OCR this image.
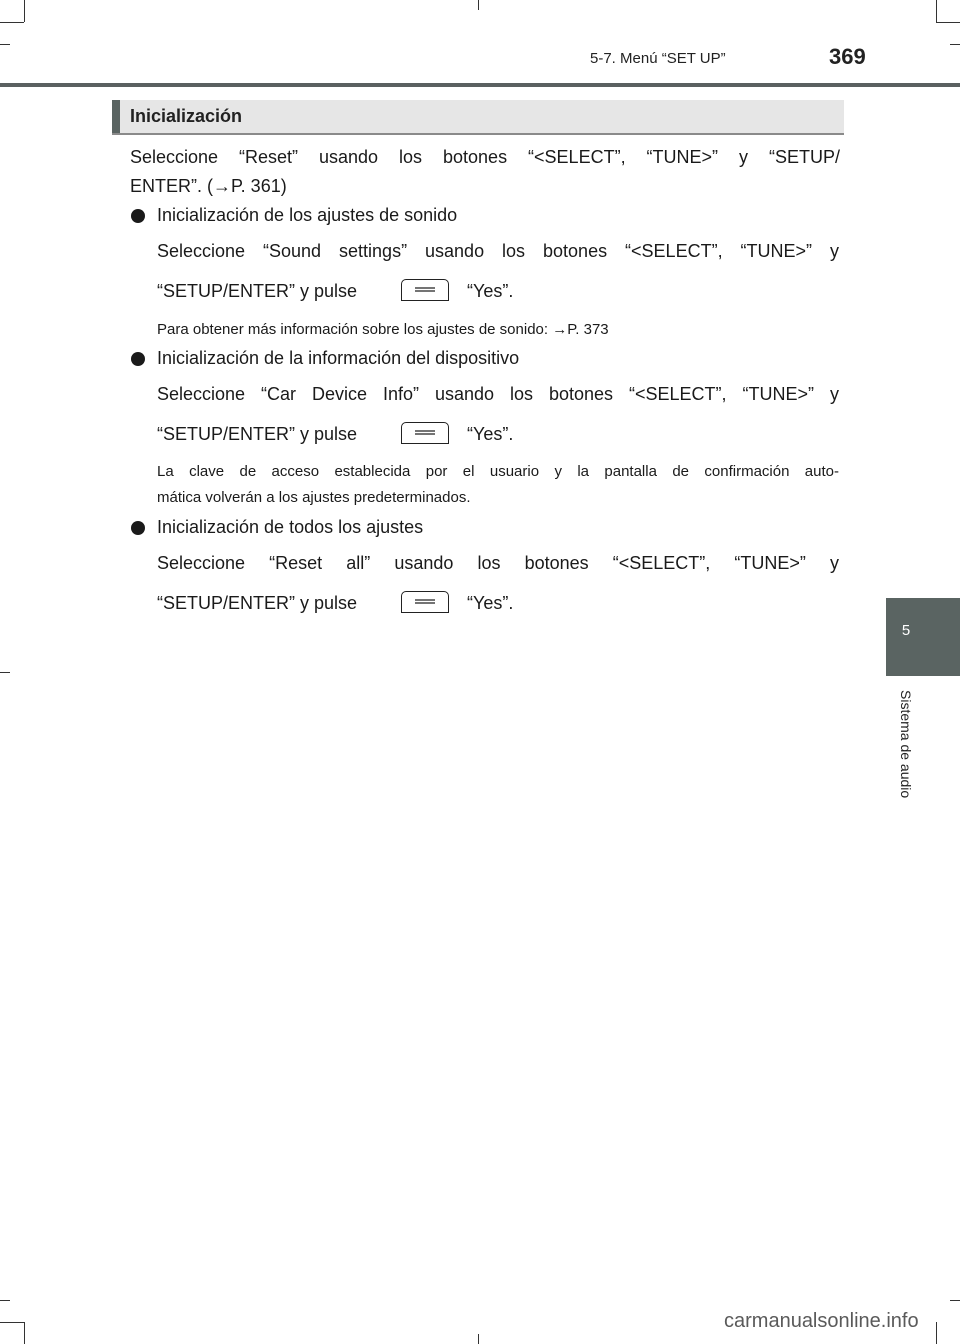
5-7. Menú “SET UP”	369
5
Sistema de audio
Inicialización
Seleccione “Reset” usando los botones “<SELECT”, “TUNE>” y “SETUP/
ENTER”. (→P. 361)
Inicialización de los ajustes de sonido
Seleccione “Sound settings” usando los botones “<SELECT”, “TUNE>” y
“SETUP/ENTER” y pulse	“Yes”.
Para obtener más información sobre los ajustes de sonido: →P. 373
Inicialización de la información del dispositivo
Seleccione “Car Device Info” usando los botones “<SELECT”, “TUNE>” y
“SETUP/ENTER” y pulse	“Yes”.
La clave de acceso establecida por el usuario y la pantalla de confirmación auto-
mática volverán a los ajustes predeterminados.
Inicialización de todos los ajustes
Seleccione “Reset all” usando los botones “<SELECT”, “TUNE>” y
“SETUP/ENTER” y pulse	“Yes”.
carmanualsonline.info
